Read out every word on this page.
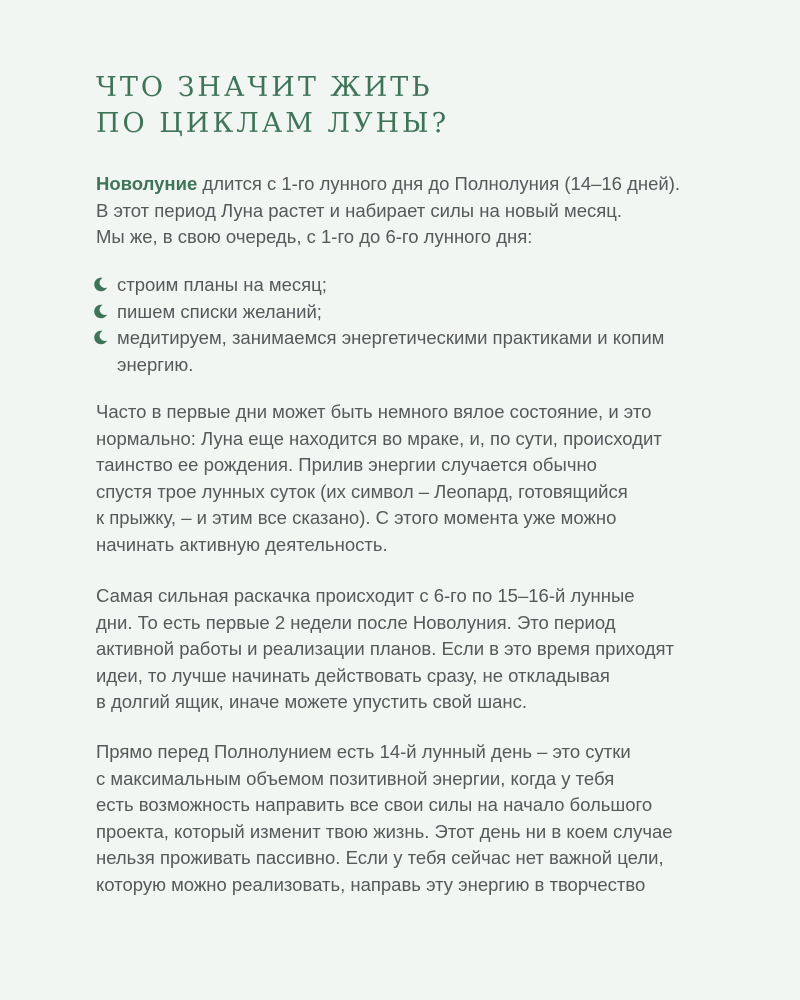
ЧТО ЗНАЧИТ ЖИТЬ
ПО ЦИКЛАМ ЛУНЫ?
Новолуние длится с 1-го лунного дня до Полнолуния (14–16 дней).
В этот период Луна растет и набирает силы на новый месяц.
Мы же, в свою очередь, с 1-го до 6-го лунного дня:
строим планы на месяц;
пишем списки желаний;
медитируем, занимаемся энергетическими практиками и копим
энергию.
Часто в первые дни может быть немного вялое состояние, и это
нормально: Луна еще находится во мраке, и, по сути, происходит
таинство ее рождения. Прилив энергии случается обычно
спустя трое лунных суток (их символ – Леопард, готовящийся
к прыжку, – и этим все сказано). С этого момента уже можно
начинать активную деятельность.
Самая сильная раскачка происходит с 6-го по 15–16-й лунные
дни. То есть первые 2 недели после Новолуния. Это период
активной работы и реализации планов. Если в это время приходят
идеи, то лучше начинать действовать сразу, не откладывая
в долгий ящик, иначе можете упустить свой шанс.
Прямо перед Полнолунием есть 14-й лунный день – это сутки
с максимальным объемом позитивной энергии, когда у тебя
есть возможность направить все свои силы на начало большого
проекта, который изменит твою жизнь. Этот день ни в коем случае
нельзя проживать пассивно. Если у тебя сейчас нет важной цели,
которую можно реализовать, направь эту энергию в творчество
